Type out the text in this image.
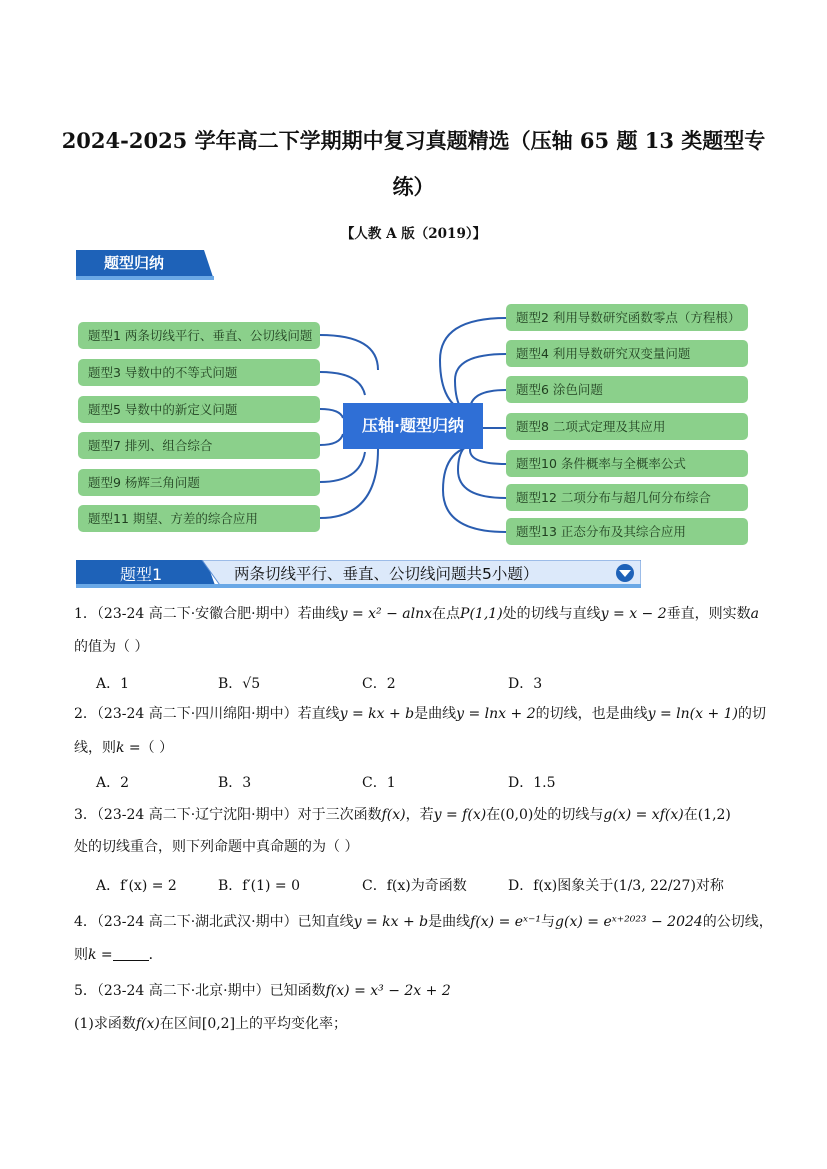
2024-2025 学年高二下学期期中复习真题精选（压轴 65 题 13 类题型专
练）
【人教 A 版（2019）】
题型归纳
题型1 两条切线平行、垂直、公切线问题
题型3 导数中的不等式问题
题型5 导数中的新定义问题
题型7 排列、组合综合
题型9 杨辉三角问题
题型11 期望、方差的综合应用
题型2 利用导数研究函数零点（方程根）
题型4 利用导数研究双变量问题
题型6 涂色问题
题型8 二项式定理及其应用
题型10 条件概率与全概率公式
题型12 二项分布与超几何分布综合
题型13 正态分布及其综合应用
压轴·题型归纳
题型1	两条切线平行、垂直、公切线问题共5小题）
1．（23-24 高二下·安徽合肥·期中）若曲线y = x² − alnx在点P(1,1)处的切线与直线y = x − 2垂直，则实数a
的值为（ ）
A．1	B．√5	C．2	D．3
2．（23-24 高二下·四川绵阳·期中）若直线y = kx + b是曲线y = lnx + 2的切线，也是曲线y = ln(x + 1)的切
线，则k =（ ）
A．2	B．3	C．1	D．1.5
3．（23-24 高二下·辽宁沈阳·期中）对于三次函数f(x)，若y = f(x)在(0,0)处的切线与g(x) = xf(x)在(1,2)
处的切线重合，则下列命题中真命题的为（ ）
A．f′(x) = 2	B．f′(1) = 0	C．f(x)为奇函数	D．f(x)图象关于(1/3, 22/27)对称
4．（23-24 高二下·湖北武汉·期中）已知直线y = kx + b是曲线f(x) = eˣ⁻¹与g(x) = eˣ⁺²⁰²³ − 2024的公切线，
则k =	．
5．（23-24 高二下·北京·期中）已知函数f(x) = x³ − 2x + 2
(1)求函数f(x)在区间[0,2]上的平均变化率；
